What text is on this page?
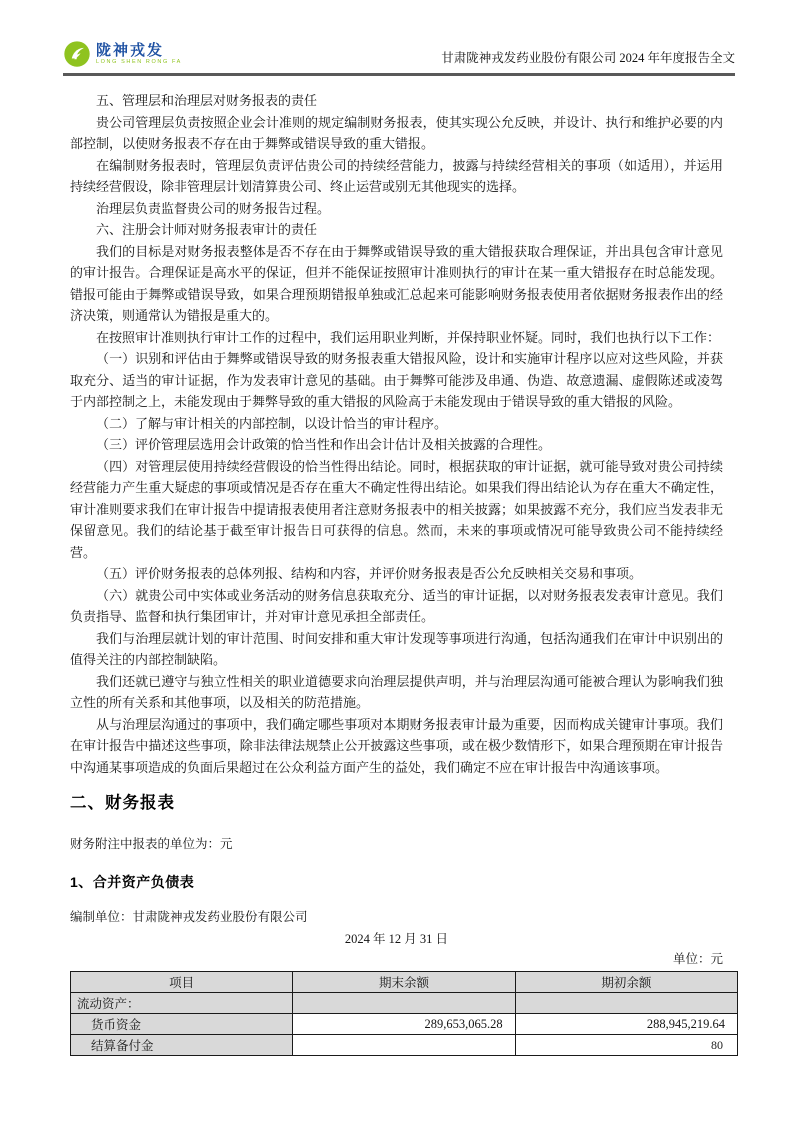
陇神戎发
LONG SHEN RONG FA	甘肃陇神戎发药业股份有限公司 2024 年年度报告全文
五、管理层和治理层对财务报表的责任

贵公司管理层负责按照企业会计准则的规定编制财务报表，使其实现公允反映，并设计、执行和维护必要的内部控制，以使财务报表不存在由于舞弊或错误导致的重大错报。

在编制财务报表时，管理层负责评估贵公司的持续经营能力，披露与持续经营相关的事项（如适用），并运用持续经营假设，除非管理层计划清算贵公司、终止运营或别无其他现实的选择。

治理层负责监督贵公司的财务报告过程。

六、注册会计师对财务报表审计的责任

我们的目标是对财务报表整体是否不存在由于舞弊或错误导致的重大错报获取合理保证，并出具包含审计意见的审计报告。合理保证是高水平的保证，但并不能保证按照审计准则执行的审计在某一重大错报存在时总能发现。错报可能由于舞弊或错误导致，如果合理预期错报单独或汇总起来可能影响财务报表使用者依据财务报表作出的经济决策，则通常认为错报是重大的。

在按照审计准则执行审计工作的过程中，我们运用职业判断，并保持职业怀疑。同时，我们也执行以下工作：

（一）识别和评估由于舞弊或错误导致的财务报表重大错报风险，设计和实施审计程序以应对这些风险，并获取充分、适当的审计证据，作为发表审计意见的基础。由于舞弊可能涉及串通、伪造、故意遗漏、虚假陈述或凌驾于内部控制之上，未能发现由于舞弊导致的重大错报的风险高于未能发现由于错误导致的重大错报的风险。

（二）了解与审计相关的内部控制，以设计恰当的审计程序。

（三）评价管理层选用会计政策的恰当性和作出会计估计及相关披露的合理性。

（四）对管理层使用持续经营假设的恰当性得出结论。同时，根据获取的审计证据，就可能导致对贵公司持续经营能力产生重大疑虑的事项或情况是否存在重大不确定性得出结论。如果我们得出结论认为存在重大不确定性，审计准则要求我们在审计报告中提请报表使用者注意财务报表中的相关披露；如果披露不充分，我们应当发表非无保留意见。我们的结论基于截至审计报告日可获得的信息。然而，未来的事项或情况可能导致贵公司不能持续经营。

（五）评价财务报表的总体列报、结构和内容，并评价财务报表是否公允反映相关交易和事项。

（六）就贵公司中实体或业务活动的财务信息获取充分、适当的审计证据，以对财务报表发表审计意见。我们负责指导、监督和执行集团审计，并对审计意见承担全部责任。

我们与治理层就计划的审计范围、时间安排和重大审计发现等事项进行沟通，包括沟通我们在审计中识别出的值得关注的内部控制缺陷。

我们还就已遵守与独立性相关的职业道德要求向治理层提供声明，并与治理层沟通可能被合理认为影响我们独立性的所有关系和其他事项，以及相关的防范措施。

从与治理层沟通过的事项中，我们确定哪些事项对本期财务报表审计最为重要，因而构成关键审计事项。我们在审计报告中描述这些事项，除非法律法规禁止公开披露这些事项，或在极少数情形下，如果合理预期在审计报告中沟通某事项造成的负面后果超过在公众利益方面产生的益处，我们确定不应在审计报告中沟通该事项。

二、财务报表
财务附注中报表的单位为：元
1、合并资产负债表
编制单位：甘肃陇神戎发药业股份有限公司
2024 年 12 月 31 日
单位：元
项目	期末余额	期初余额
流动资产：		
货币资金	289,653,065.28	288,945,219.64
结算备付金			80
